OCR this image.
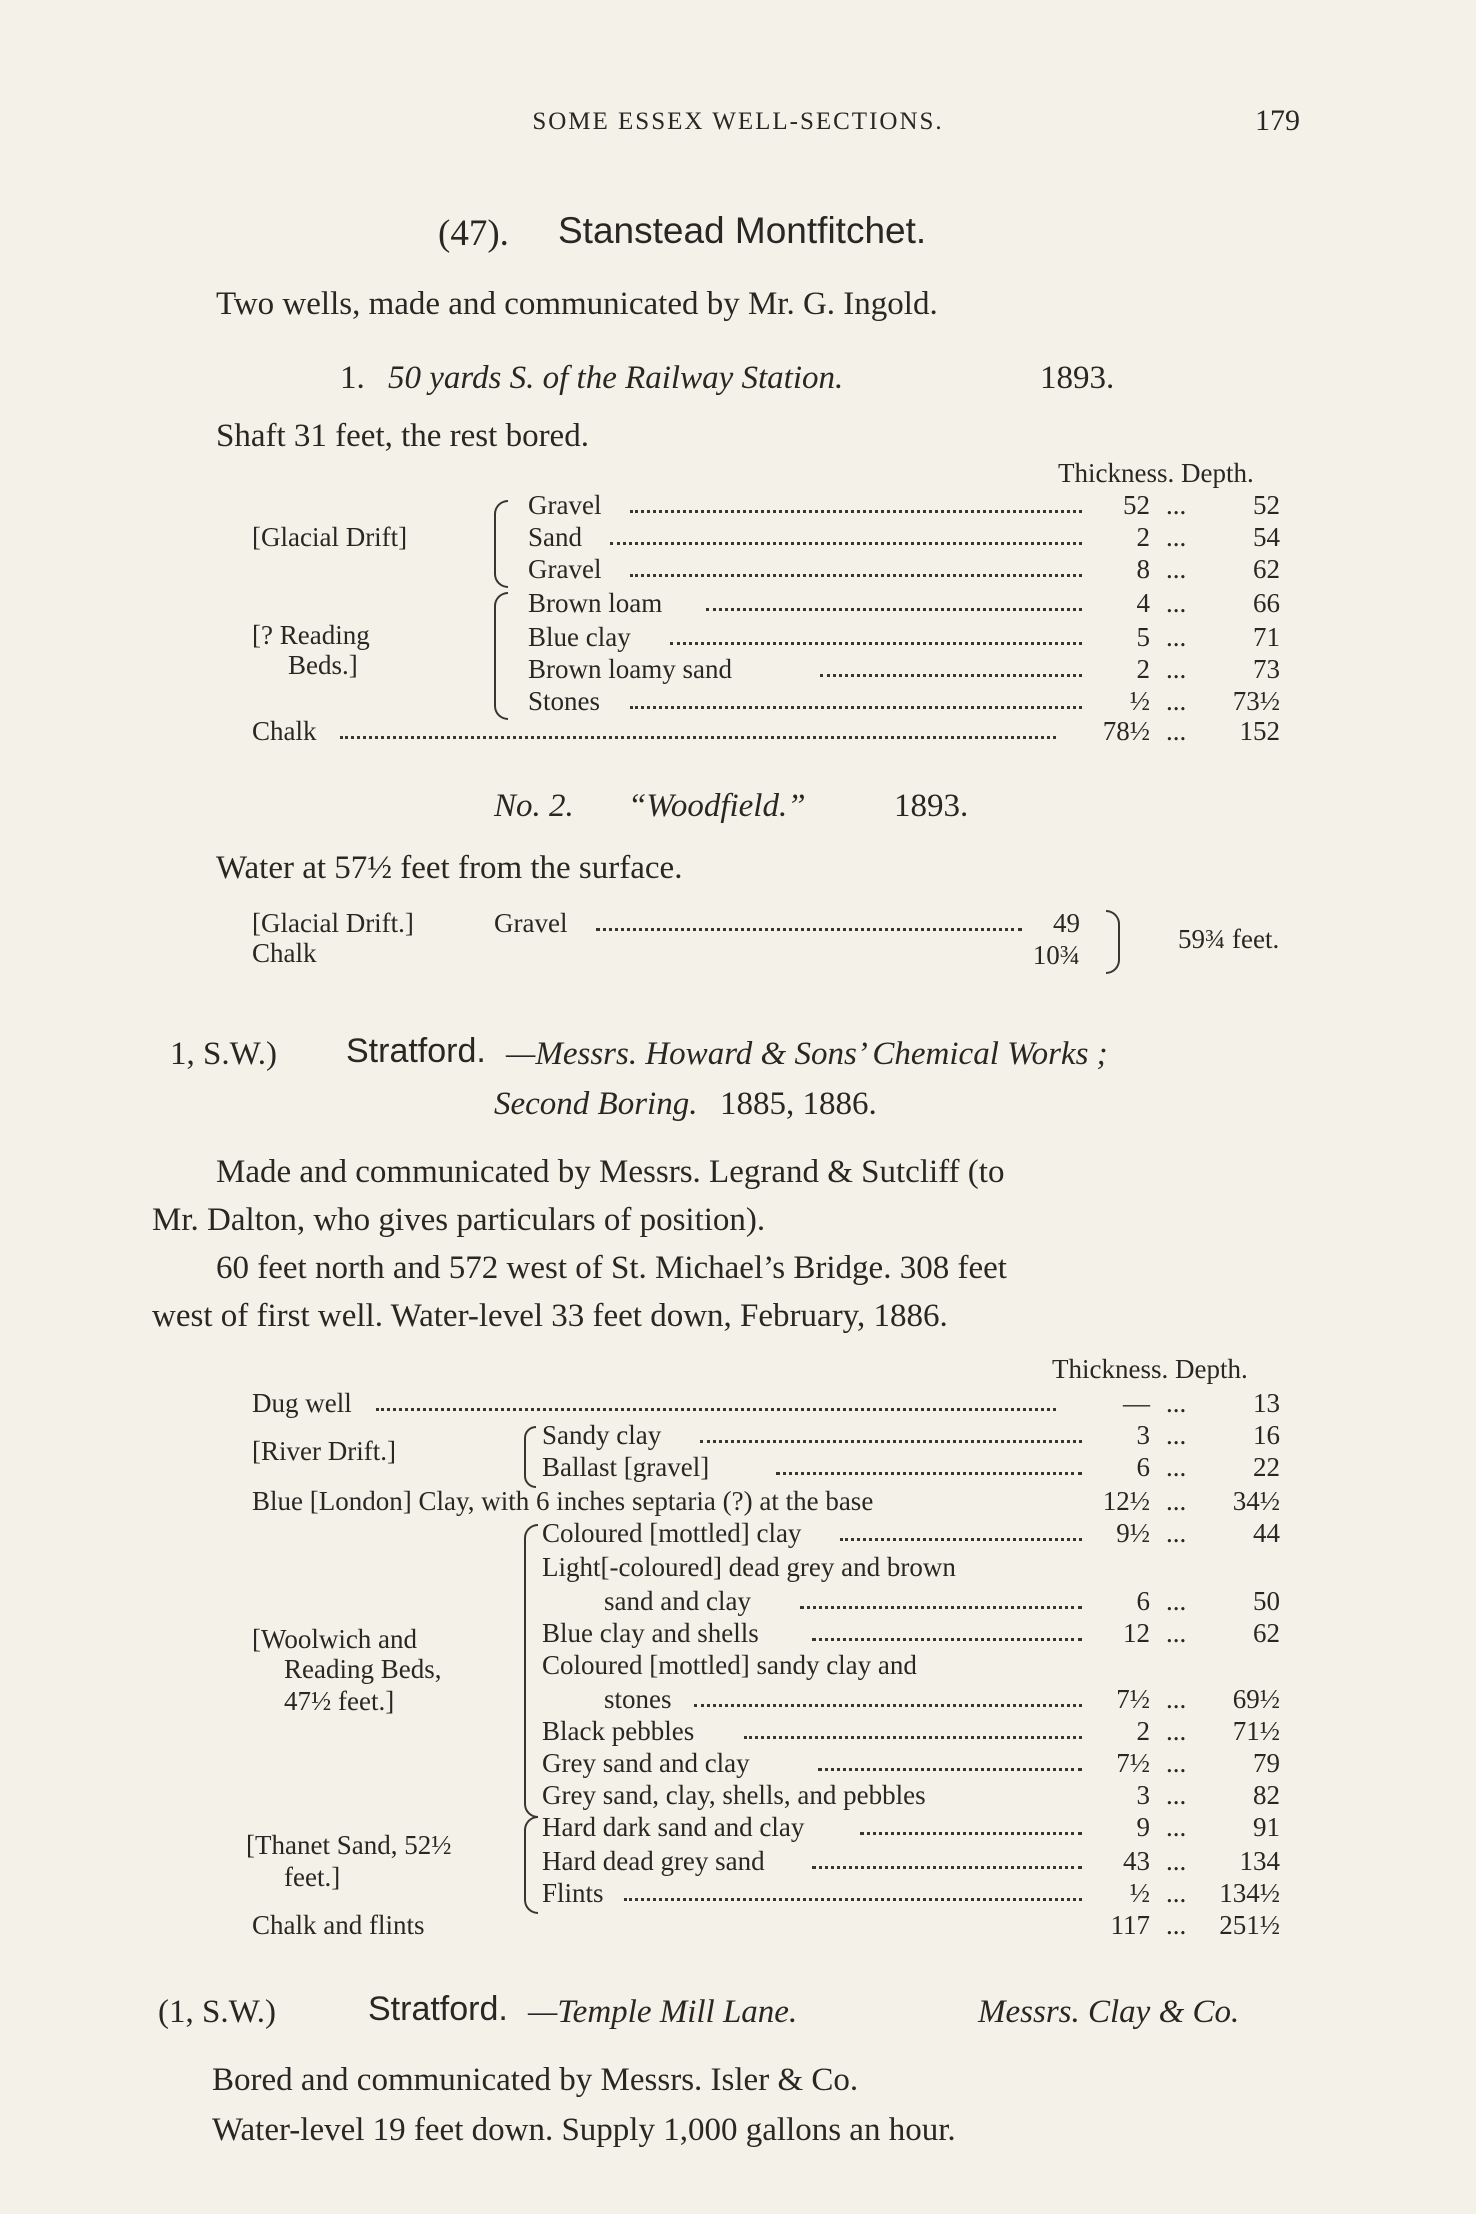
SOME ESSEX WELL-SECTIONS.	179
(47). Stanstead Montfitchet.
Two wells, made and communicated by Mr. G. Ingold.
1. 50 yards S. of the Railway Station.	1893.
Shaft 31 feet, the rest bored.
Thickness. Depth.
[Glacial Drift]
[? Reading
Beds.]
Gravel	52 ...	52
Sand	2 ...	54
Gravel	8 ...	62
Brown loam	4 ...	66
Blue clay	5 ...	71
Brown loamy sand	2 ...	73
Stones	½ ...	73½
Chalk	78½ ...	152
No. 2. “Woodfield.”	1893.
Water at 57½ feet from the surface.
[Glacial Drift.]	Gravel	49
Chalk	10¾
59¾ feet.
1, S.W.) Stratford. —Messrs. Howard & Sons’ Chemical Works ;
Second Boring. 1885, 1886.
Made and communicated by Messrs. Legrand & Sutcliff (to
Mr. Dalton, who gives particulars of position).
60 feet north and 572 west of St. Michael’s Bridge. 308 feet
west of first well. Water-level 33 feet down, February, 1886.
Thickness. Depth.
Dug well	— ...	13
[River Drift.]
Sandy clay	3 ...	16
Ballast [gravel]	6 ...	22
Blue [London] Clay, with 6 inches septaria (?) at the base	12½ ...	34½
[Woolwich and
Reading Beds,
47½ feet.]
Coloured [mottled] clay	9½ ...	44
Light[-coloured] dead grey and brown
sand and clay	6 ...	50
Blue clay and shells	12 ...	62
Coloured [mottled] sandy clay and
stones	7½ ...	69½
Black pebbles	2 ...	71½
Grey sand and clay	7½ ...	79
Grey sand, clay, shells, and pebbles	3 ...	82
[Thanet Sand, 52½
feet.]
Hard dark sand and clay	9 ...	91
Hard dead grey sand	43 ...	134
Flints	½ ...	134½
Chalk and flints	117 ...	251½
(1, S.W.)	Stratford. —Temple Mill Lane.	Messrs. Clay & Co.
Bored and communicated by Messrs. Isler & Co.
Water-level 19 feet down. Supply 1,000 gallons an hour.
